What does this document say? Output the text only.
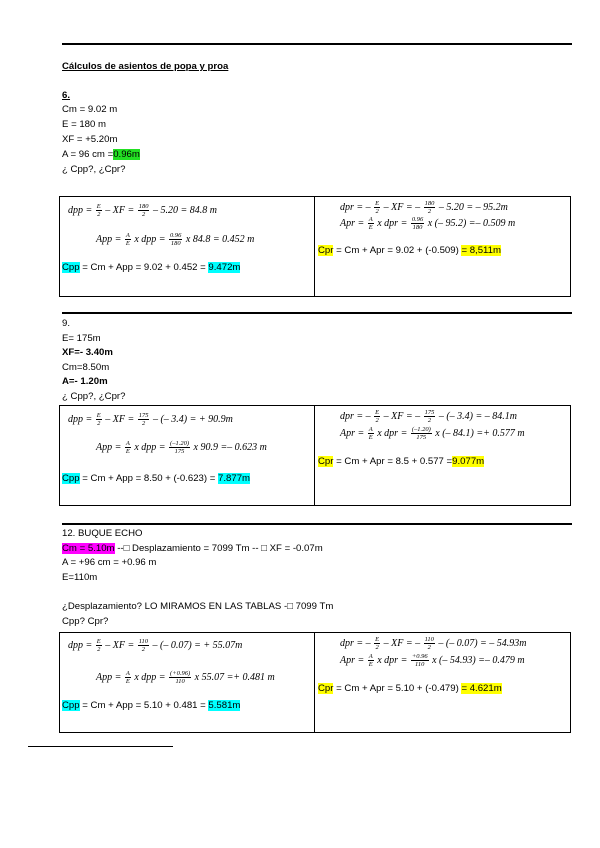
Cálculos de asientos de popa y proa
6.
Cm = 9.02 m
E = 180 m
XF = +5.20m
A = 96 cm =0.96m
¿ Cpp?, ¿Cpr?
dpp = $\frac{E}{2}$ – XF = $\frac{180}{2} - 5.20 = 84.8$ m
App = $\frac{A}{E}$ x dpp = $\frac{0.96}{180}$ x 84.8 = 0.452 m
Cpp = Cm + App = 9.02 + 0.452 = 9.472m
dpr = – $\frac{E}{2}$ – XF = – $\frac{180}{2} - 5.20$ = – 95.2m
Apr = $\frac{A}{E}$ x dpr = $\frac{0.96}{180}$ x (– 95.2) =– 0.509 m
Cpr = Cm + Apr = 9.02 + (-0.509) = 8,511m
9.
E= 175m
XF=- 3.40m
Cm=8.50m
A=- 1.20m
¿ Cpp?, ¿Cpr?
dpp = $\frac{E}{2}$ – XF = $\frac{175}{2}$ – (– 3.4) = + 90.9m
App = $\frac{A}{E}$ x dpp = $\frac{(-1.20)}{175}$ x 90.9 =– 0.623 m
Cpp = Cm + App = 8.50 + (-0.623) = 7.877m
dpr = – $\frac{E}{2}$ – XF = – $\frac{175}{2}$ – (– 3.4) = – 84.1m
Apr = $\frac{A}{E}$ x dpr = $\frac{(-1.20)}{175}$ x (– 84.1) =+ 0.577 m
Cpr = Cm + Apr = 8.5 + 0.577 =9.077m
12. BUQUE ECHO
Cm = 5.10m --□ Desplazamiento = 7099 Tm -- □ XF = -0.07m
A = +96 cm = +0.96 m
E=110m
¿Desplazamiento? LO MIRAMOS EN LAS TABLAS -□ 7099 Tm
Cpp? Cpr?
dpp = $\frac{E}{2}$ – XF = $\frac{110}{2}$ – (– 0.07) = + 55.07m
App = $\frac{A}{E}$ x dpp = $\frac{(+0.96)}{110}$ x 55.07 =+ 0.481 m
Cpp = Cm + App = 5.10 + 0.481 = 5.581m
dpr = – $\frac{E}{2}$ – XF = – $\frac{110}{2}$ – (– 0.07) = – 54.93m
Apr = $\frac{A}{E}$ x dpr = $\frac{+0.96}{110}$ x (– 54.93) =– 0.479 m
Cpr = Cm + Apr = 5.10 + (-0.479) = 4.621m
